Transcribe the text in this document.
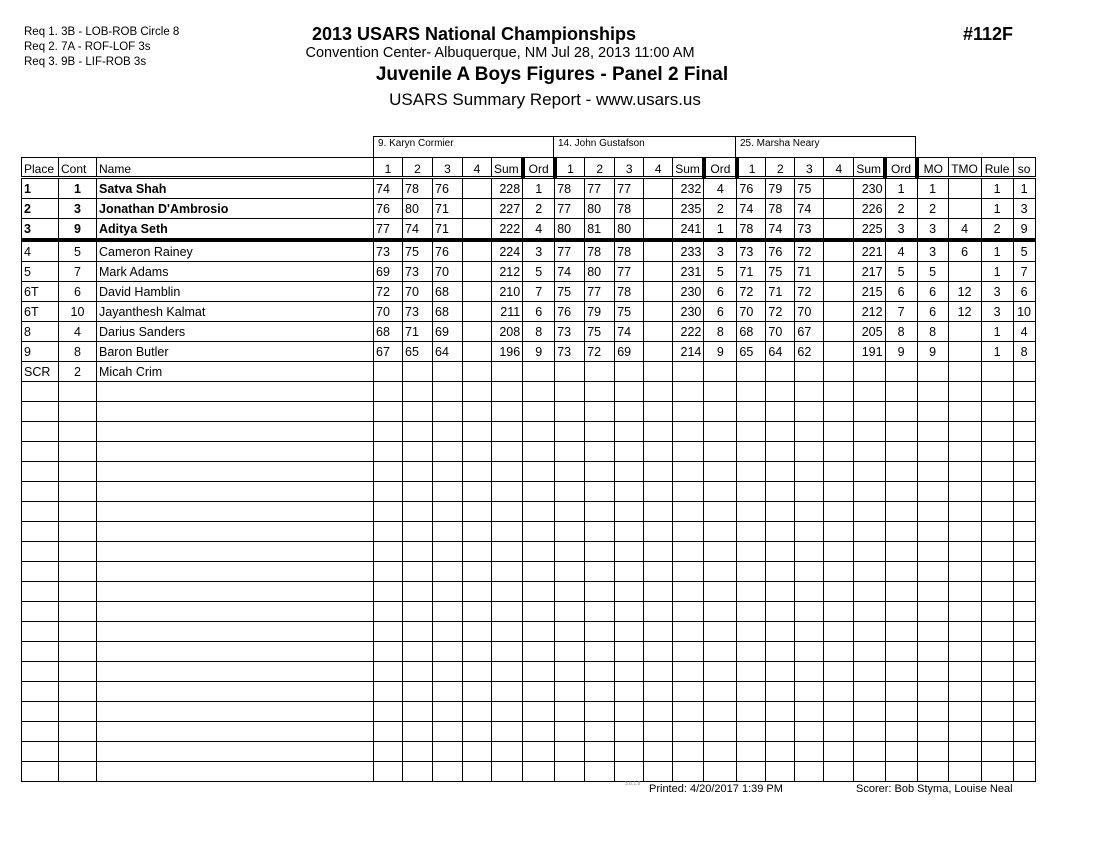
Req 1. 3B - LOB-ROB Circle 8
Req 2. 7A - ROF-LOF 3s
Req 3. 9B - LIF-ROB 3s
2013 USARS National Championships
Convention Center- Albuquerque, NM Jul 28, 2013 11:00 AM
Juvenile A Boys Figures - Panel 2 Final
USARS Summary Report - www.usars.us
#112F
9. Karyn Cormier	14. John Gustafson	25. Marsha Neary
Place	Cont	Name	1	2	3	4	Sum	Ord	1	2	3	4	Sum	Ord	1	2	3	4	Sum	Ord	MO	TMO	Rule	so
1	1	Satva Shah	74	78	76		228	1	78	77	77		232	4	76	79	75		230	1	1		1	1
2	3	Jonathan D'Ambrosio	76	80	71		227	2	77	80	78		235	2	74	78	74		226	2	2		1	3
3	9	Aditya Seth	77	74	71		222	4	80	81	80		241	1	78	74	73		225	3	3	4	2	9
4	5	Cameron Rainey	73	75	76		224	3	77	78	78		233	3	73	76	72		221	4	3	6	1	5
5	7	Mark Adams	69	73	70		212	5	74	80	77		231	5	71	75	71		217	5	5		1	7
6T	6	David Hamblin	72	70	68		210	7	75	77	78		230	6	72	71	72		215	6	6	12	3	6
6T	10	Jayanthesh Kalmat	70	73	68		211	6	76	79	75		230	6	70	72	70		212	7	6	12	3	10
8	4	Darius Sanders	68	71	69		208	8	73	75	74		222	8	68	70	67		205	8	8		1	4
9	8	Baron Butler	67	65	64		196	9	73	72	69		214	9	65	64	62		191	9	9		1	8
SCR	2	Micah Crim																						

3.8.1.8 Printed: 4/20/2017 1:39 PM	Scorer: Bob Styma, Louise Neal
